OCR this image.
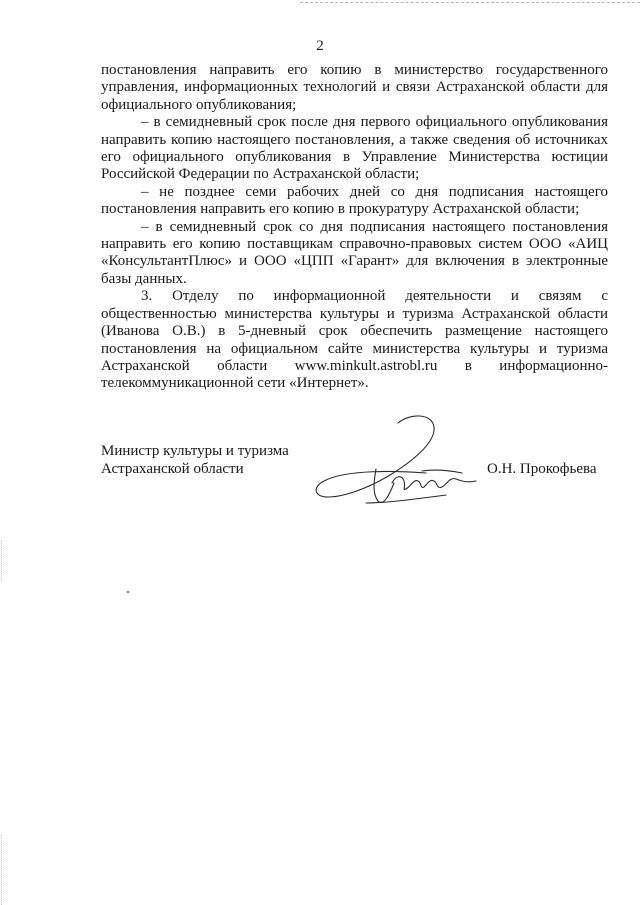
2

постановления направить его копию в министерство государственного управления, информационных технологий и связи Астраханской области для официального опубликования;

– в семидневный срок после дня первого официального опубликования направить копию настоящего постановления, а также сведения об источниках его официального опубликования в Управление Министерства юстиции Российской Федерации по Астраханской области;

– не позднее семи рабочих дней со дня подписания настоящего постановления направить его копию в прокуратуру Астраханской области;

– в семидневный срок со дня подписания настоящего постановления направить его копию поставщикам справочно-правовых систем ООО «АИЦ «КонсультантПлюс» и ООО «ЦПП «Гарант» для включения в электронные базы данных.

3. Отделу по информационной деятельности и связям с общественностью министерства культуры и туризма Астраханской области (Иванова О.В.) в 5-дневный срок обеспечить размещение настоящего постановления на официальном сайте министерства культуры и туризма Астраханской области www.minkult.astrobl.ru в информационно-телекоммуникационной сети «Интернет».

Министр культуры и туризма
Астраханской области	О.Н. Прокофьева
